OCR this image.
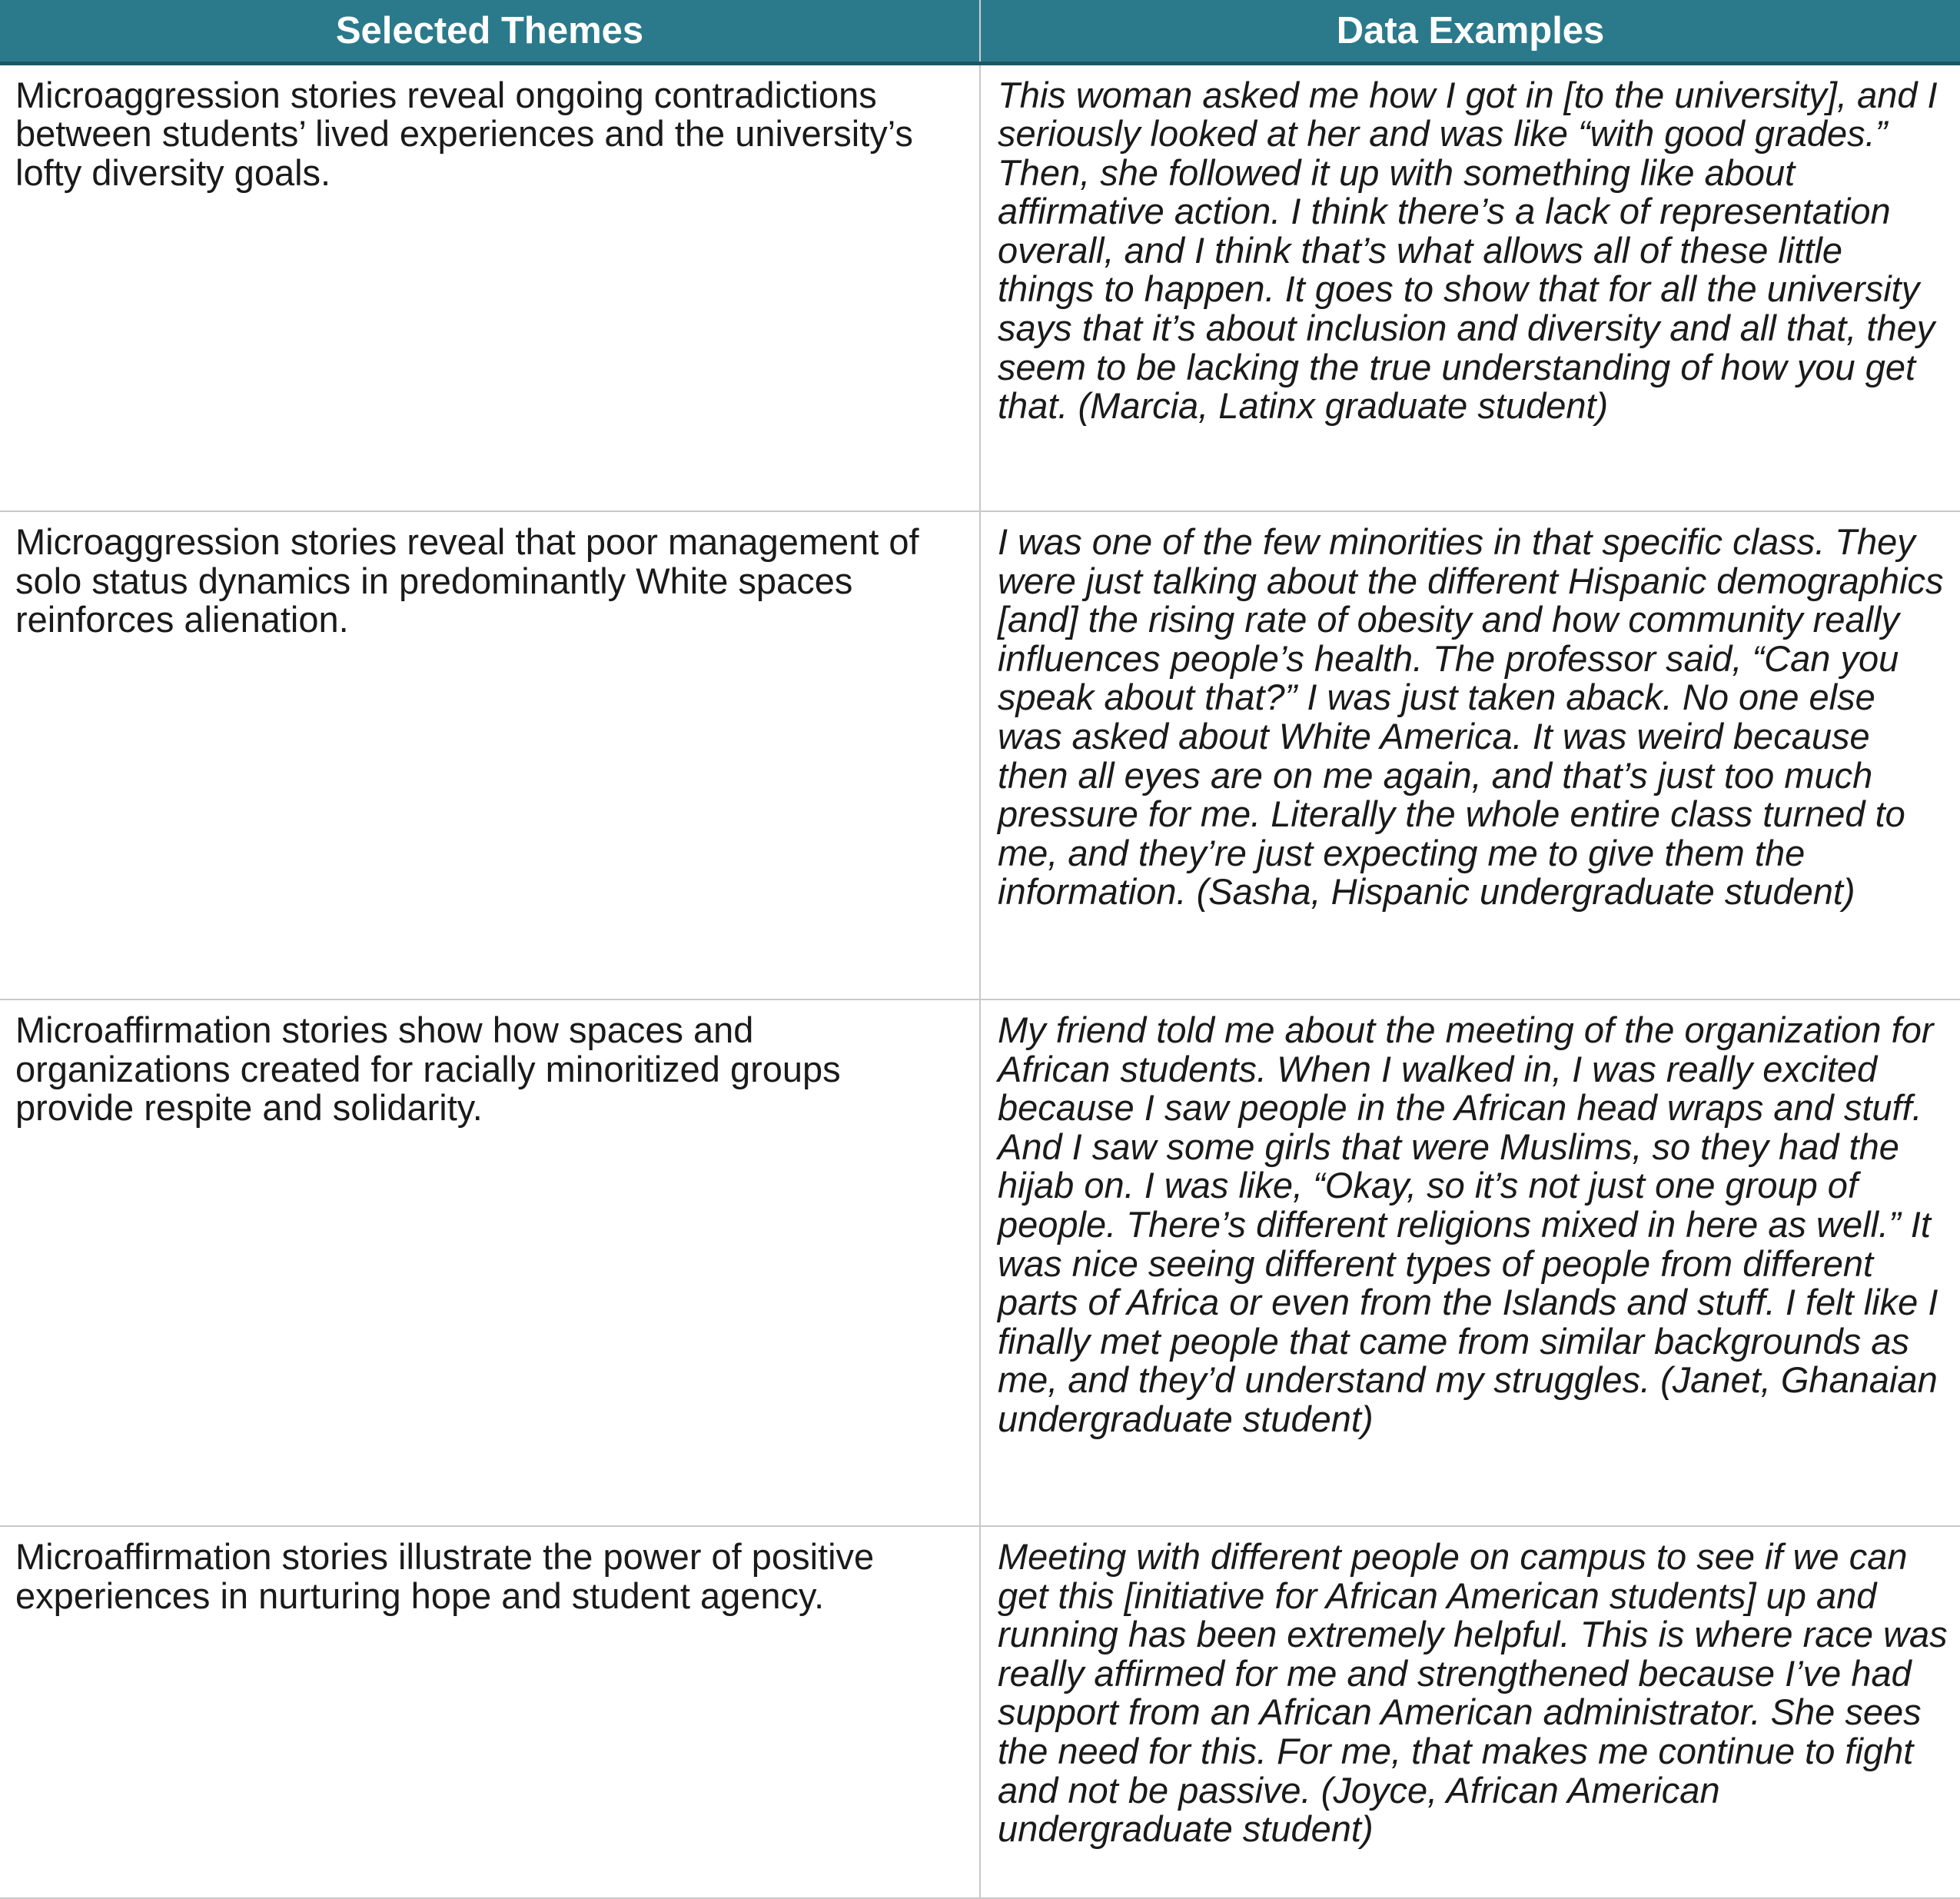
Selected Themes	Data Examples
Microaggression stories reveal ongoing contradictions between students’ lived experiences and the university’s lofty diversity goals.	This woman asked me how I got in [to the university], and I seriously looked at her and was like “with good grades.” Then, she followed it up with something like about affirmative action. I think there’s a lack of representation overall, and I think that’s what allows all of these little things to happen. It goes to show that for all the university says that it’s about inclusion and diversity and all that, they seem to be lacking the true understanding of how you get that. (Marcia, Latinx graduate student)
Microaggression stories reveal that poor management of solo status dynamics in predominantly White spaces reinforces alienation.	I was one of the few minorities in that specific class. They were just talking about the different Hispanic demographics [and] the rising rate of obesity and how community really influences people’s health. The professor said, “Can you speak about that?” I was just taken aback. No one else was asked about White America. It was weird because then all eyes are on me again, and that’s just too much pressure for me. Literally the whole entire class turned to me, and they’re just expecting me to give them the information. (Sasha, Hispanic undergraduate student)
Microaffirmation stories show how spaces and organizations created for racially minoritized groups provide respite and solidarity.	My friend told me about the meeting of the organization for African students. When I walked in, I was really excited because I saw people in the African head wraps and stuff. And I saw some girls that were Muslims, so they had the hijab on. I was like, “Okay, so it’s not just one group of people. There’s different religions mixed in here as well.” It was nice seeing different types of people from different parts of Africa or even from the Islands and stuff. I felt like I finally met people that came from similar backgrounds as me, and they’d understand my struggles. (Janet, Ghanaian undergraduate student)
Microaffirmation stories illustrate the power of positive experiences in nurturing hope and student agency.	Meeting with different people on campus to see if we can get this [initiative for African American students] up and running has been extremely helpful. This is where race was really affirmed for me and strengthened because I’ve had support from an African American administrator. She sees the need for this. For me, that makes me continue to fight and not be passive. (Joyce, African American undergraduate student)
